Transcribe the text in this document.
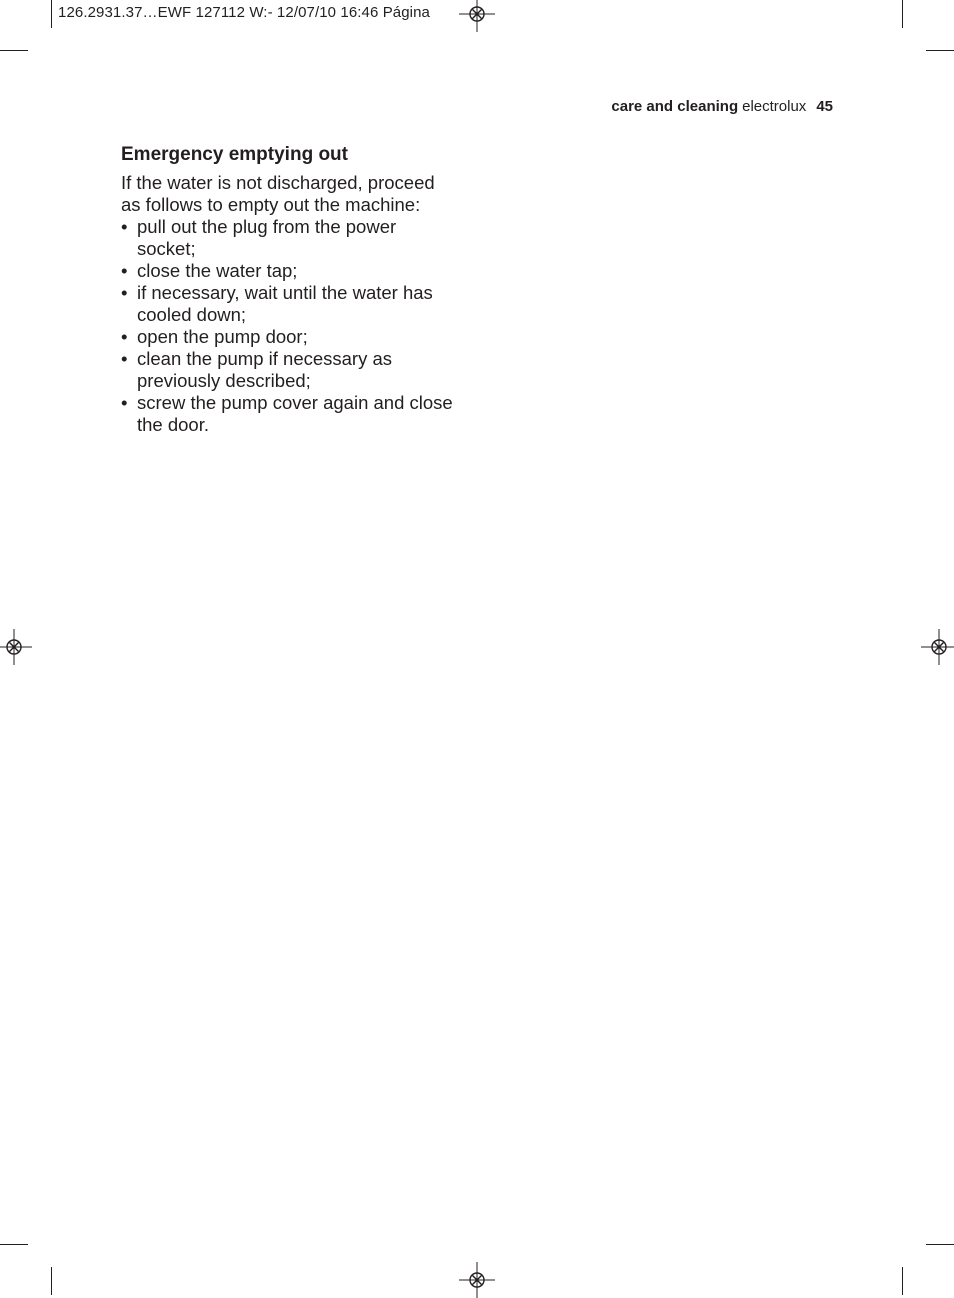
126.2931.37…EWF 127112 W:- 12/07/10 16:46 Página
care and cleaning electrolux 45
Emergency emptying out

If the water is not discharged, proceed as follows to empty out the machine:

• pull out the plug from the power socket;
• close the water tap;
• if necessary, wait until the water has cooled down;
• open the pump door;
• clean the pump if necessary as previously described;
• screw the pump cover again and close the door.
